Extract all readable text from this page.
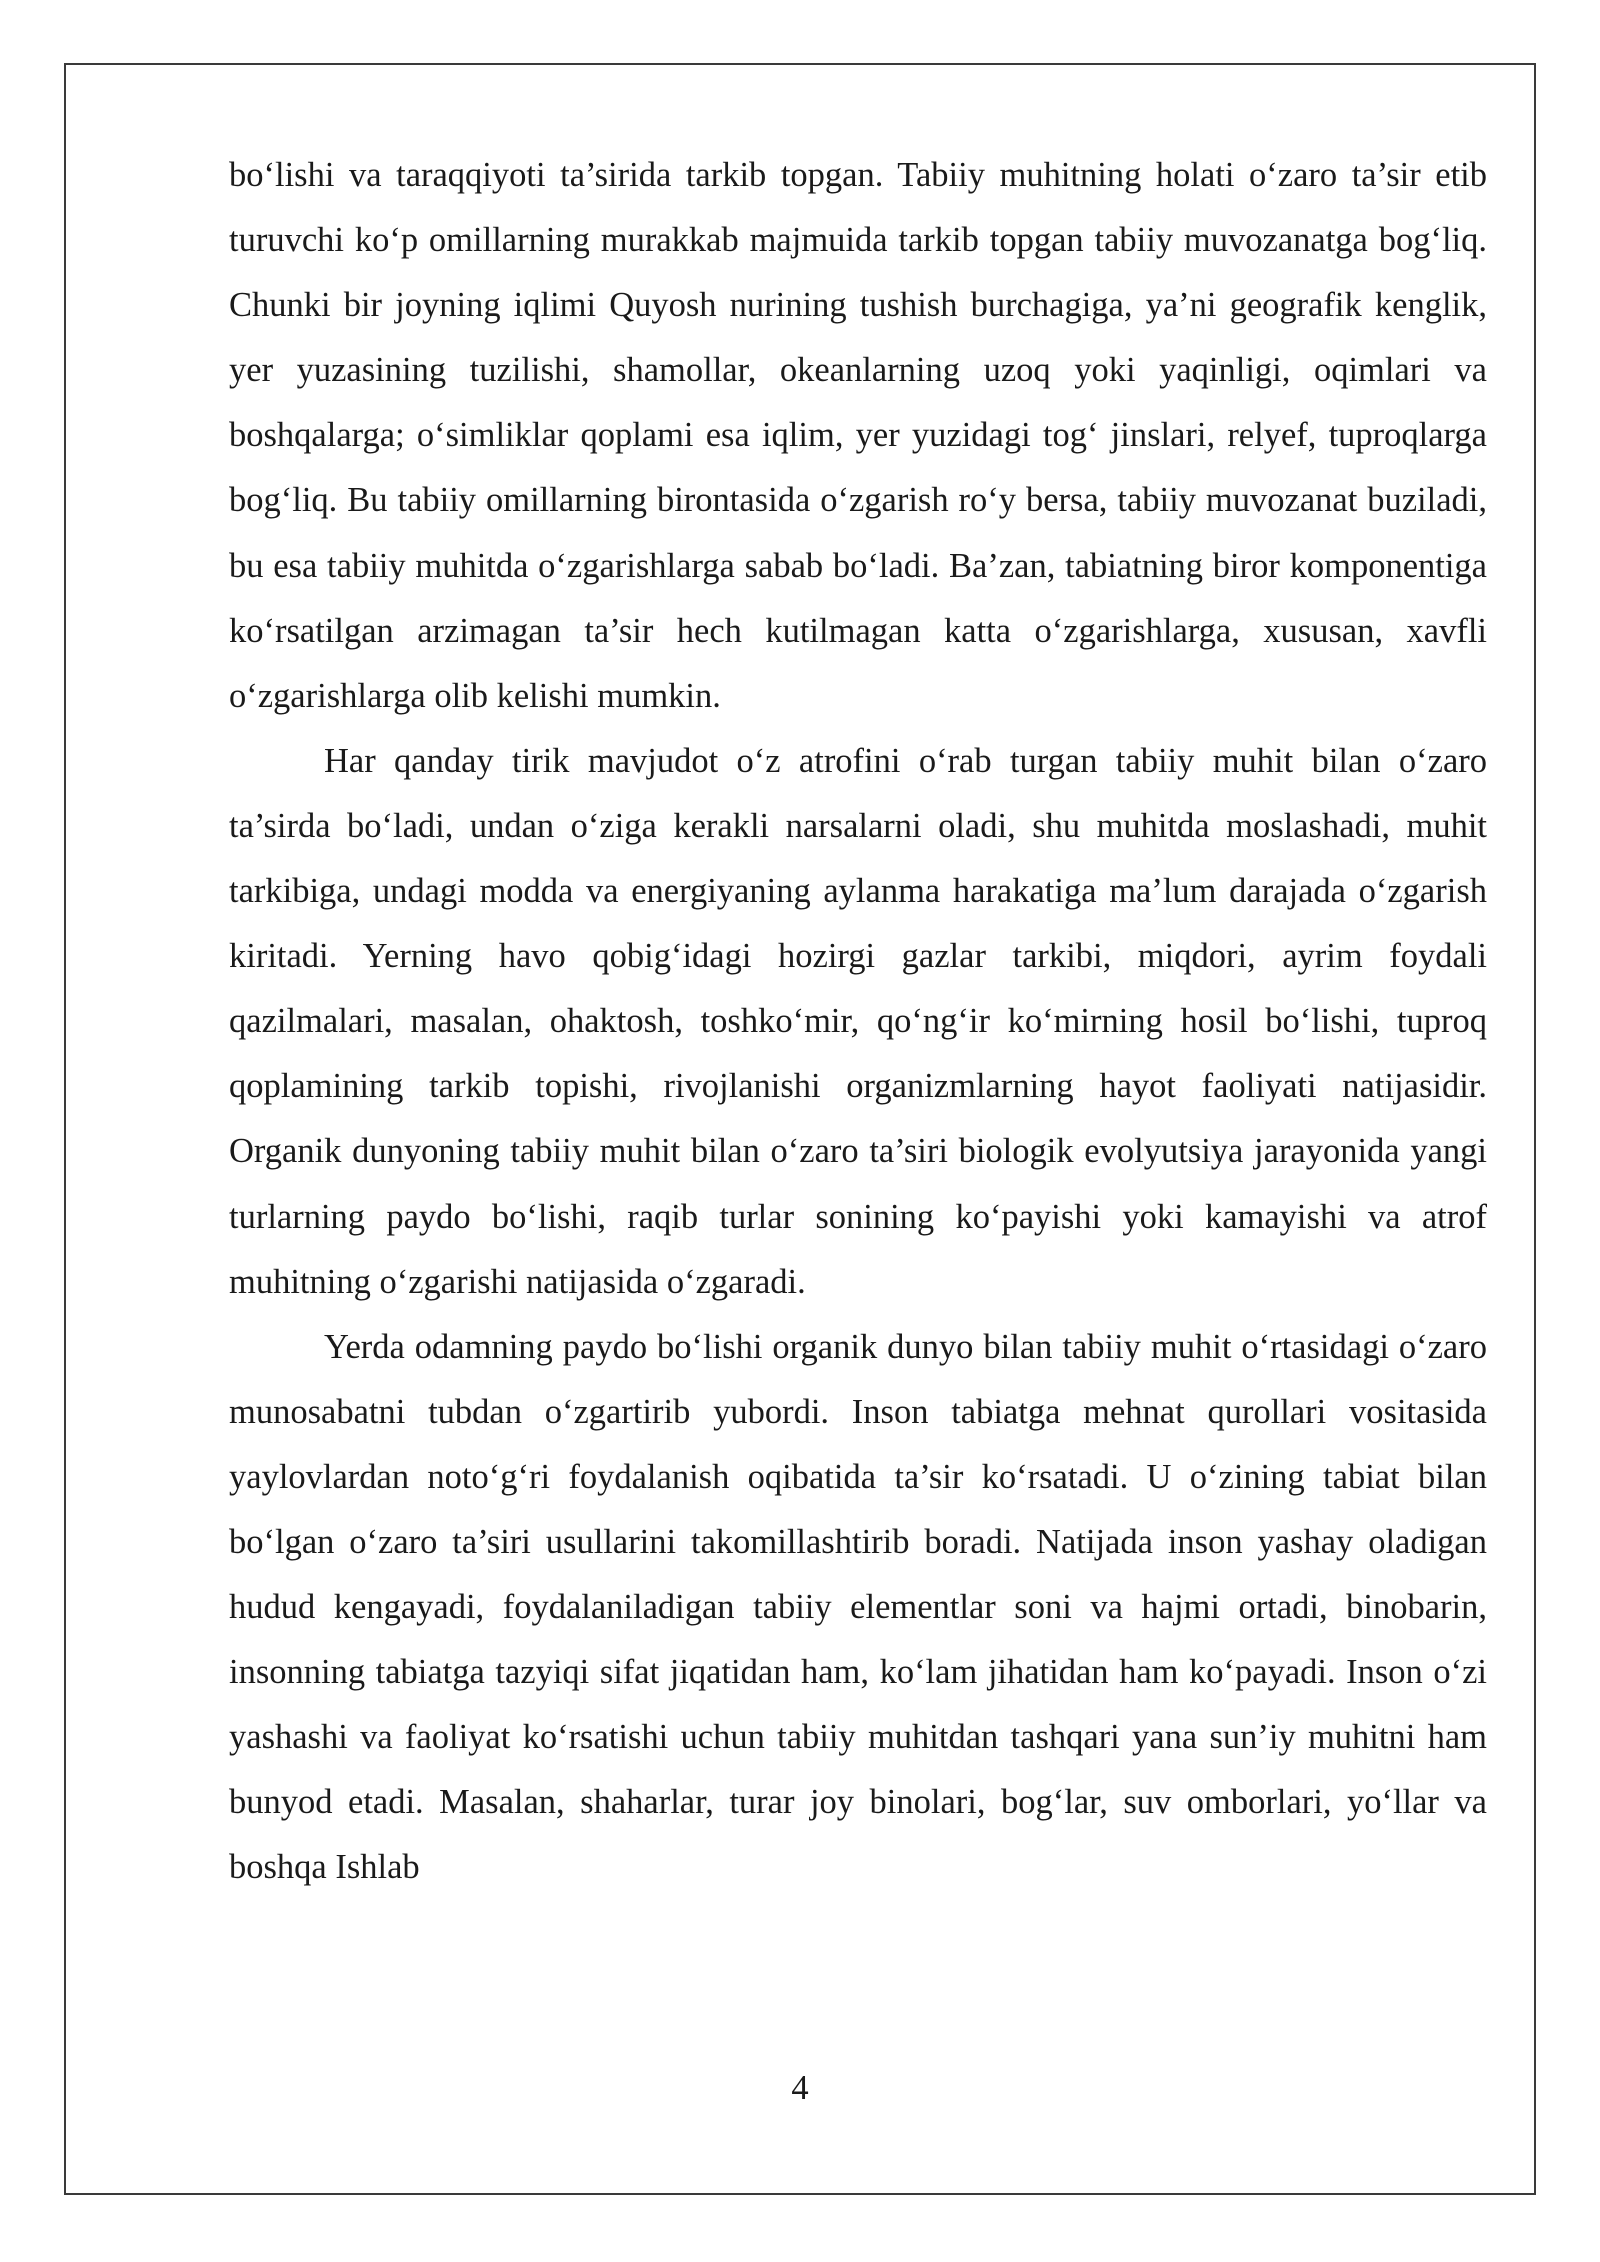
bo‘lishi va taraqqiyoti ta’sirida tarkib topgan. Tabiiy muhitning holati o‘zaro ta’sir etib turuvchi ko‘p omillarning murakkab majmuida tarkib topgan tabiiy muvozanatga bog‘liq. Chunki bir joyning iqlimi Quyosh nurining tushish burchagiga, ya’ni geografik kenglik, yer yuzasining tuzilishi, shamollar, okeanlarning uzoq yoki yaqinligi, oqimlari va boshqalarga; o‘simliklar qoplami esa iqlim, yer yuzidagi tog‘ jinslari, relyef, tuproqlarga bog‘liq. Bu tabiiy omillarning birontasida o‘zgarish ro‘y bersa, tabiiy muvozanat buziladi, bu esa tabiiy muhitda o‘zgarishlarga sabab bo‘ladi. Ba’zan, tabiatning biror komponentiga ko‘rsatilgan arzimagan ta’sir hech kutilmagan katta o‘zgarishlarga, xususan, xavfli o‘zgarishlarga olib kelishi mumkin.

Har qanday tirik mavjudot o‘z atrofini o‘rab turgan tabiiy muhit bilan o‘zaro ta’sirda bo‘ladi, undan o‘ziga kerakli narsalarni oladi, shu muhitda moslashadi, muhit tarkibiga, undagi modda va energiyaning aylanma harakatiga ma’lum darajada o‘zgarish kiritadi. Yerning havo qobig‘idagi hozirgi gazlar tarkibi, miqdori, ayrim foydali qazilmalari, masalan, ohaktosh, toshko‘mir, qo‘ng‘ir ko‘mirning hosil bo‘lishi, tuproq qoplamining tarkib topishi, rivojlanishi organizmlarning hayot faoliyati natijasidir. Organik dunyoning tabiiy muhit bilan o‘zaro ta’siri biologik evolyutsiya jarayonida yangi turlarning paydo bo‘lishi, raqib turlar sonining ko‘payishi yoki kamayishi va atrof muhitning o‘zgarishi natijasida o‘zgaradi.

Yerda odamning paydo bo‘lishi organik dunyo bilan tabiiy muhit o‘rtasidagi o‘zaro munosabatni tubdan o‘zgartirib yubordi. Inson tabiatga mehnat qurollari vositasida yaylovlardan noto‘g‘ri foydalanish oqibatida ta’sir ko‘rsatadi. U o‘zining tabiat bilan bo‘lgan o‘zaro ta’siri usullarini takomillashtirib boradi. Natijada inson yashay oladigan hudud kengayadi, foydalaniladigan tabiiy elementlar soni va hajmi ortadi, binobarin, insonning tabiatga tazyiqi sifat jiqatidan ham, ko‘lam jihatidan ham ko‘payadi. Inson o‘zi yashashi va faoliyat ko‘rsatishi uchun tabiiy muhitdan tashqari yana sun’iy muhitni ham bunyod etadi. Masalan, shaharlar, turar joy binolari, bog‘lar, suv omborlari, yo‘llar va boshqa Ishlab

4
